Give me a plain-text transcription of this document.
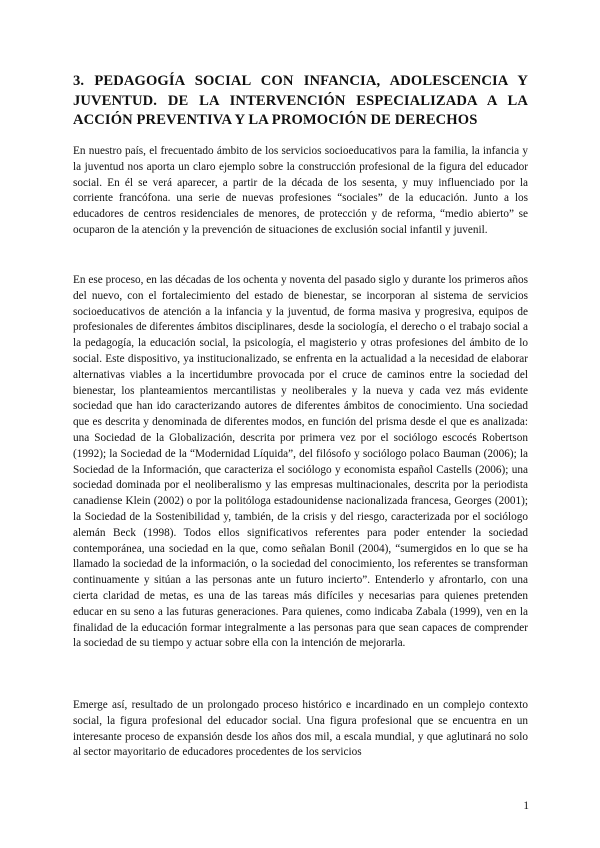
3. PEDAGOGÍA SOCIAL CON INFANCIA, ADOLESCENCIA Y JUVENTUD. DE LA INTERVENCIÓN ESPECIALIZADA A LA ACCIÓN PREVENTIVA Y LA PROMOCIÓN DE DERECHOS

En nuestro país, el frecuentado ámbito de los servicios socioeducativos para la familia, la infancia y la juventud nos aporta un claro ejemplo sobre la construcción profesional de la figura del educador social. En él se verá aparecer, a partir de la década de los sesenta, y muy influenciado por la corriente francófona. una serie de nuevas profesiones “sociales” de la educación. Junto a los educadores de centros residenciales de menores, de protección y de reforma, “medio abierto” se ocuparon de la atención y la prevención de situaciones de exclusión social infantil y juvenil.

En ese proceso, en las décadas de los ochenta y noventa del pasado siglo y durante los primeros años del nuevo, con el fortalecimiento del estado de bienestar, se incorporan al sistema de servicios socioeducativos de atención a la infancia y la juventud, de forma masiva y progresiva, equipos de profesionales de diferentes ámbitos disciplinares, desde la sociología, el derecho o el trabajo social a la pedagogía, la educación social, la psicología, el magisterio y otras profesiones del ámbito de lo social. Este dispositivo, ya institucionalizado, se enfrenta en la actualidad a la necesidad de elaborar alternativas viables a la incertidumbre provocada por el cruce de caminos entre la sociedad del bienestar, los planteamientos mercantilistas y neoliberales y la nueva y cada vez más evidente sociedad que han ido caracterizando autores de diferentes ámbitos de conocimiento. Una sociedad que es descrita y denominada de diferentes modos, en función del prisma desde el que es analizada: una Sociedad de la Globalización, descrita por primera vez por el sociólogo escocés Robertson (1992); la Sociedad de la “Modernidad Líquida”, del filósofo y sociólogo polaco Bauman (2006); la Sociedad de la Información, que caracteriza el sociólogo y economista español Castells (2006); una sociedad dominada por el neoliberalismo y las empresas multinacionales, descrita por la periodista canadiense Klein (2002) o por la politóloga estadounidense nacionalizada francesa, Georges (2001); la Sociedad de la Sostenibilidad y, también, de la crisis y del riesgo, caracterizada por el sociólogo alemán Beck (1998). Todos ellos significativos referentes para poder entender la sociedad contemporánea, una sociedad en la que, como señalan Bonil (2004), “sumergidos en lo que se ha llamado la sociedad de la información, o la sociedad del conocimiento, los referentes se transforman continuamente y sitúan a las personas ante un futuro incierto”. Entenderlo y afrontarlo, con una cierta claridad de metas, es una de las tareas más difíciles y necesarias para quienes pretenden educar en su seno a las futuras generaciones. Para quienes, como indicaba Zabala (1999), ven en la finalidad de la educación formar integralmente a las personas para que sean capaces de comprender la sociedad de su tiempo y actuar sobre ella con la intención de mejorarla.

Emerge así, resultado de un prolongado proceso histórico e incardinado en un complejo contexto social, la figura profesional del educador social. Una figura profesional que se encuentra en un interesante proceso de expansión desde los años dos mil, a escala mundial, y que aglutinará no solo al sector mayoritario de educadores procedentes de los servicios

1
